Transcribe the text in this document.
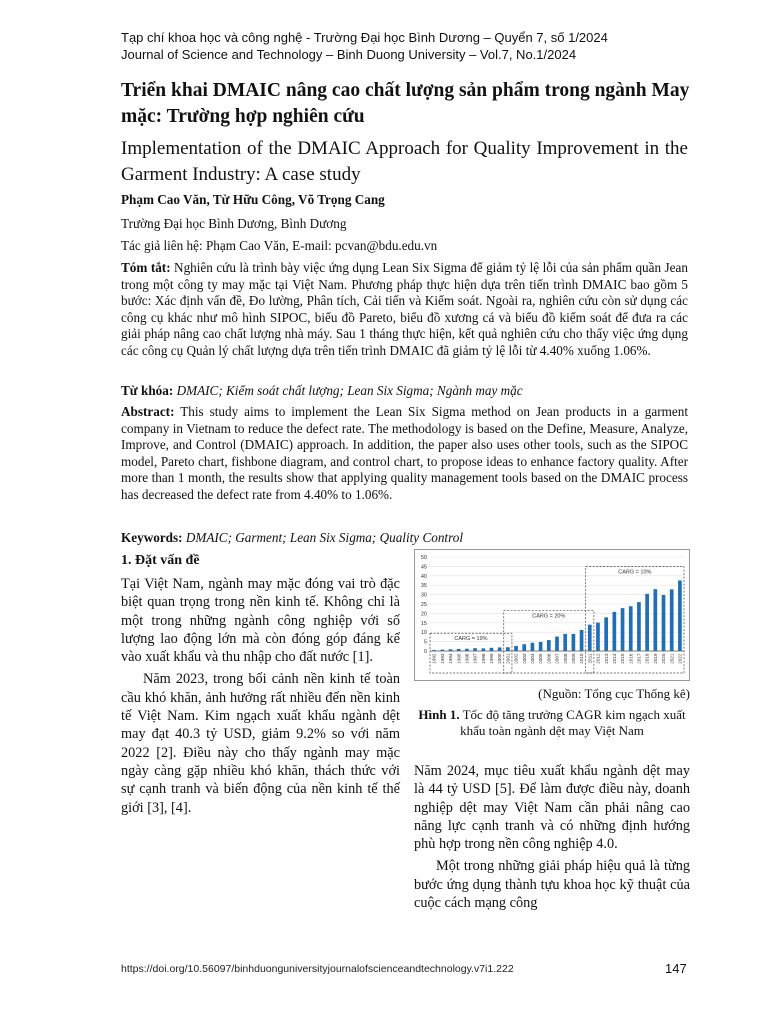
Tạp chí khoa học và công nghệ - Trường Đại học Bình Dương – Quyển 7, số 1/2024
Journal of Science and Technology – Binh Duong University – Vol.7, No.1/2024
Triển khai DMAIC nâng cao chất lượng sản phẩm trong ngành May mặc: Trường hợp nghiên cứu
Implementation of the DMAIC Approach for Quality Improvement in the Garment Industry: A case study
Phạm Cao Văn, Từ Hữu Công, Võ Trọng Cang
Trường Đại học Bình Dương, Bình Dương
Tác giả liên hệ: Phạm Cao Văn, E-mail: pcvan@bdu.edu.vn
Tóm tắt: Nghiên cứu là trình bày việc ứng dụng Lean Six Sigma để giảm tỷ lệ lỗi của sản phẩm quần Jean trong một công ty may mặc tại Việt Nam. Phương pháp thực hiện dựa trên tiến trình DMAIC bao gồm 5 bước: Xác định vấn đề, Đo lường, Phân tích, Cải tiến và Kiểm soát. Ngoài ra, nghiên cứu còn sử dụng các công cụ khác như mô hình SIPOC, biểu đồ Pareto, biểu đồ xương cá và biểu đồ kiểm soát để đưa ra các giải pháp nâng cao chất lượng nhà máy. Sau 1 tháng thực hiện, kết quả nghiên cứu cho thấy việc ứng dụng các công cụ Quản lý chất lượng dựa trên tiến trình DMAIC đã giảm tỷ lệ lỗi từ 4.40% xuống 1.06%.
Từ khóa: DMAIC; Kiểm soát chất lượng; Lean Six Sigma; Ngành may mặc
Abstract: This study aims to implement the Lean Six Sigma method on Jean products in a garment company in Vietnam to reduce the defect rate. The methodology is based on the Define, Measure, Analyze, Improve, and Control (DMAIC) approach. In addition, the paper also uses other tools, such as the SIPOC model, Pareto chart, fishbone diagram, and control chart, to propose ideas to enhance factory quality. After more than 1 month, the results show that applying quality management tools based on the DMAIC process has decreased the defect rate from 4.40% to 1.06%.
Keywords: DMAIC; Garment; Lean Six Sigma; Quality Control
1. Đặt vấn đề

Tại Việt Nam, ngành may mặc đóng vai trò đặc biệt quan trọng trong nền kinh tế. Không chỉ là một trong những ngành công nghiệp với số lượng lao động lớn mà còn đóng góp đáng kể vào xuất khẩu và thu nhập cho đất nước [1].

Năm 2023, trong bối cảnh nền kinh tế toàn cầu khó khăn, ảnh hưởng rất nhiều đến nền kinh tế Việt Nam. Kim ngạch xuất khẩu ngành dệt may đạt 40.3 tỷ USD, giảm 9.2% so với năm 2022 [2]. Điều này cho thấy ngành may mặc ngày càng gặp nhiều khó khăn, thách thức với sự cạnh tranh và biến động của nền kinh tế thế giới [3], [4].

0
5
10
15
20
25
30
35
40
45
50
1992 1993 1994 1995 1996 1997 1998 1999 2000 2001 2002 2003 2004 2005 2006 2007 2008 2009 2010 2011 2012 2013 2014 2015 2016 2017 2018 2019 2020 2021 2022
CARG = 19%
CARG = 20%
CARG = 10%
(Nguồn: Tổng cục Thống kê)
Hình 1. Tốc độ tăng trưởng CAGR kim ngạch xuất khẩu toàn ngành dệt may Việt Nam

Năm 2024, mục tiêu xuất khẩu ngành dệt may là 44 tỷ USD [5]. Để làm được điều này, doanh nghiệp dệt may Việt Nam cần phải nâng cao năng lực cạnh tranh và có những định hướng phù hợp trong nền công nghiệp 4.0.

Một trong những giải pháp hiệu quả là từng bước ứng dụng thành tựu khoa học kỹ thuật của cuộc cách mạng công

https://doi.org/10.56097/binhduonguniversityjournalofscienceandtechnology.v7i1.222	147
